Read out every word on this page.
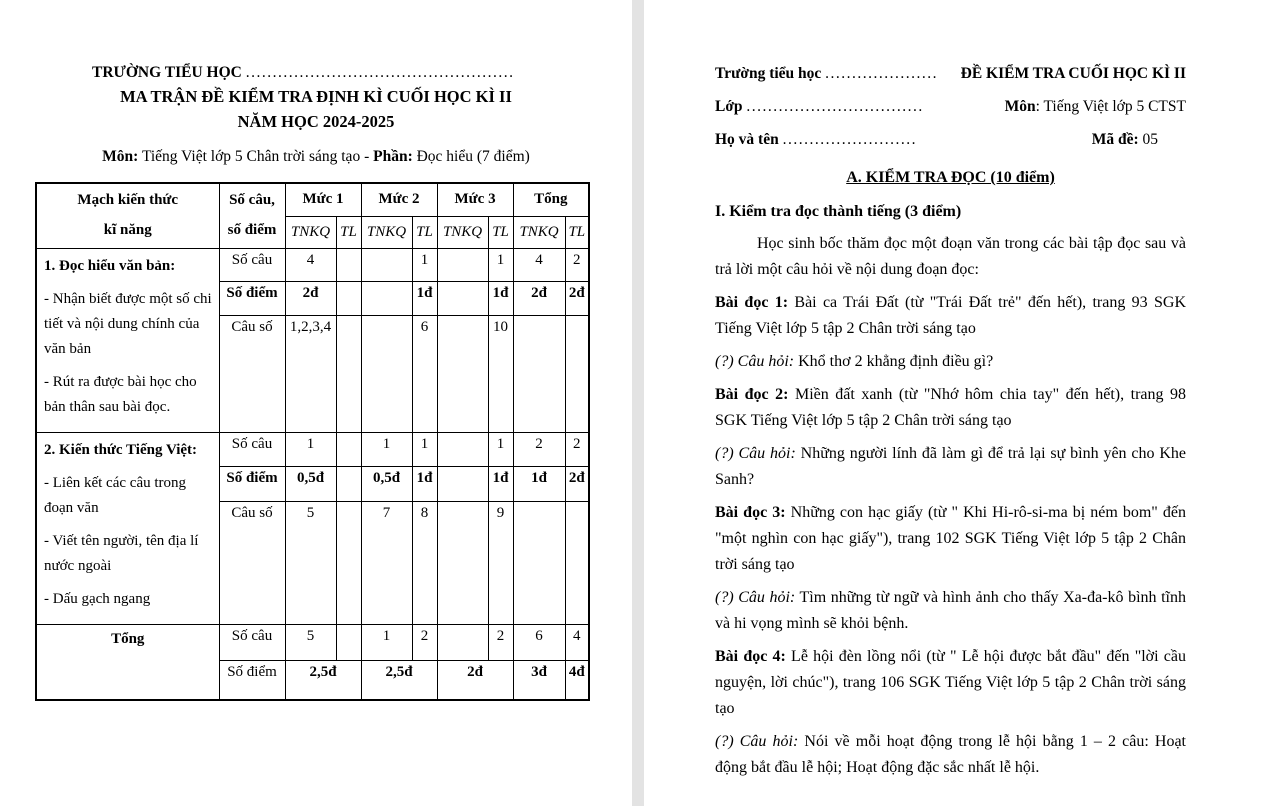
TRƯỜNG TIỂU HỌC ..................................................

MA TRẬN ĐỀ KIỂM TRA ĐỊNH KÌ CUỐI HỌC KÌ II

NĂM HỌC 2024-2025

Môn: Tiếng Việt lớp 5 Chân trời sáng tạo - Phần: Đọc hiểu (7 điểm)

Mạch kiến thức
kĩ năng

Số câu,
số điểm
	Mức 1	Mức 2	Mức 3	Tổng
		TNKQ	TL	TNKQ	TL	TNKQ	TL	TNKQ	TL

1. Đọc hiểu văn bản:

- Nhận biết được một số chi tiết và nội dung chính của văn bản

- Rút ra được bài học cho bản thân sau bài đọc.	Số câu	4			1		1	4	2
	Số điểm	2đ			1đ		1đ	2đ	2đ
	Câu số	1,2,3,4			6		10		

2. Kiến thức Tiếng Việt:

- Liên kết các câu trong đoạn văn

- Viết tên người, tên địa lí nước ngoài

- Dấu gạch ngang	Số câu	1		1	1		1	2	2
	Số điểm	0,5đ		0,5đ	1đ		1đ	1đ	2đ
	Câu số	5		7	8		9		
Tổng	Số câu	5		1	2		2	6	4
	Số điểm	2,5đ		2,5đ		2đ		3đ	4đ
Trường tiểu học ..................... ĐỀ KIỂM TRA CUỐI HỌC KÌ II
Lớp .................................	Môn: Tiếng Việt lớp 5 CTST
Họ và tên .........................	Mã đề: 05

A. KIỂM TRA ĐỌC (10 điểm)

I. Kiểm tra đọc thành tiếng (3 điểm)

Học sinh bốc thăm đọc một đoạn văn trong các bài tập đọc sau và trả lời một câu hỏi về nội dung đoạn đọc:

Bài đọc 1: Bài ca Trái Đất (từ "Trái Đất trẻ" đến hết), trang 93 SGK Tiếng Việt lớp 5 tập 2 Chân trời sáng tạo

(?) Câu hỏi: Khổ thơ 2 khẳng định điều gì?

Bài đọc 2: Miền đất xanh (từ "Nhớ hôm chia tay" đến hết), trang 98 SGK Tiếng Việt lớp 5 tập 2 Chân trời sáng tạo

(?) Câu hỏi: Những người lính đã làm gì để trả lại sự bình yên cho Khe Sanh?

Bài đọc 3: Những con hạc giấy (từ " Khi Hi-rô-si-ma bị ném bom" đến "một nghìn con hạc giấy"), trang 102 SGK Tiếng Việt lớp 5 tập 2 Chân trời sáng tạo

(?) Câu hỏi: Tìm những từ ngữ và hình ảnh cho thấy Xa-đa-kô bình tĩnh và hi vọng mình sẽ khỏi bệnh.

Bài đọc 4: Lễ hội đèn lồng nổi (từ " Lễ hội được bắt đầu" đến "lời cầu nguyện, lời chúc"), trang 106 SGK Tiếng Việt lớp 5 tập 2 Chân trời sáng tạo

(?) Câu hỏi: Nói về mỗi hoạt động trong lễ hội bằng 1 – 2 câu: Hoạt động bắt đầu lễ hội; Hoạt động đặc sắc nhất lễ hội.
